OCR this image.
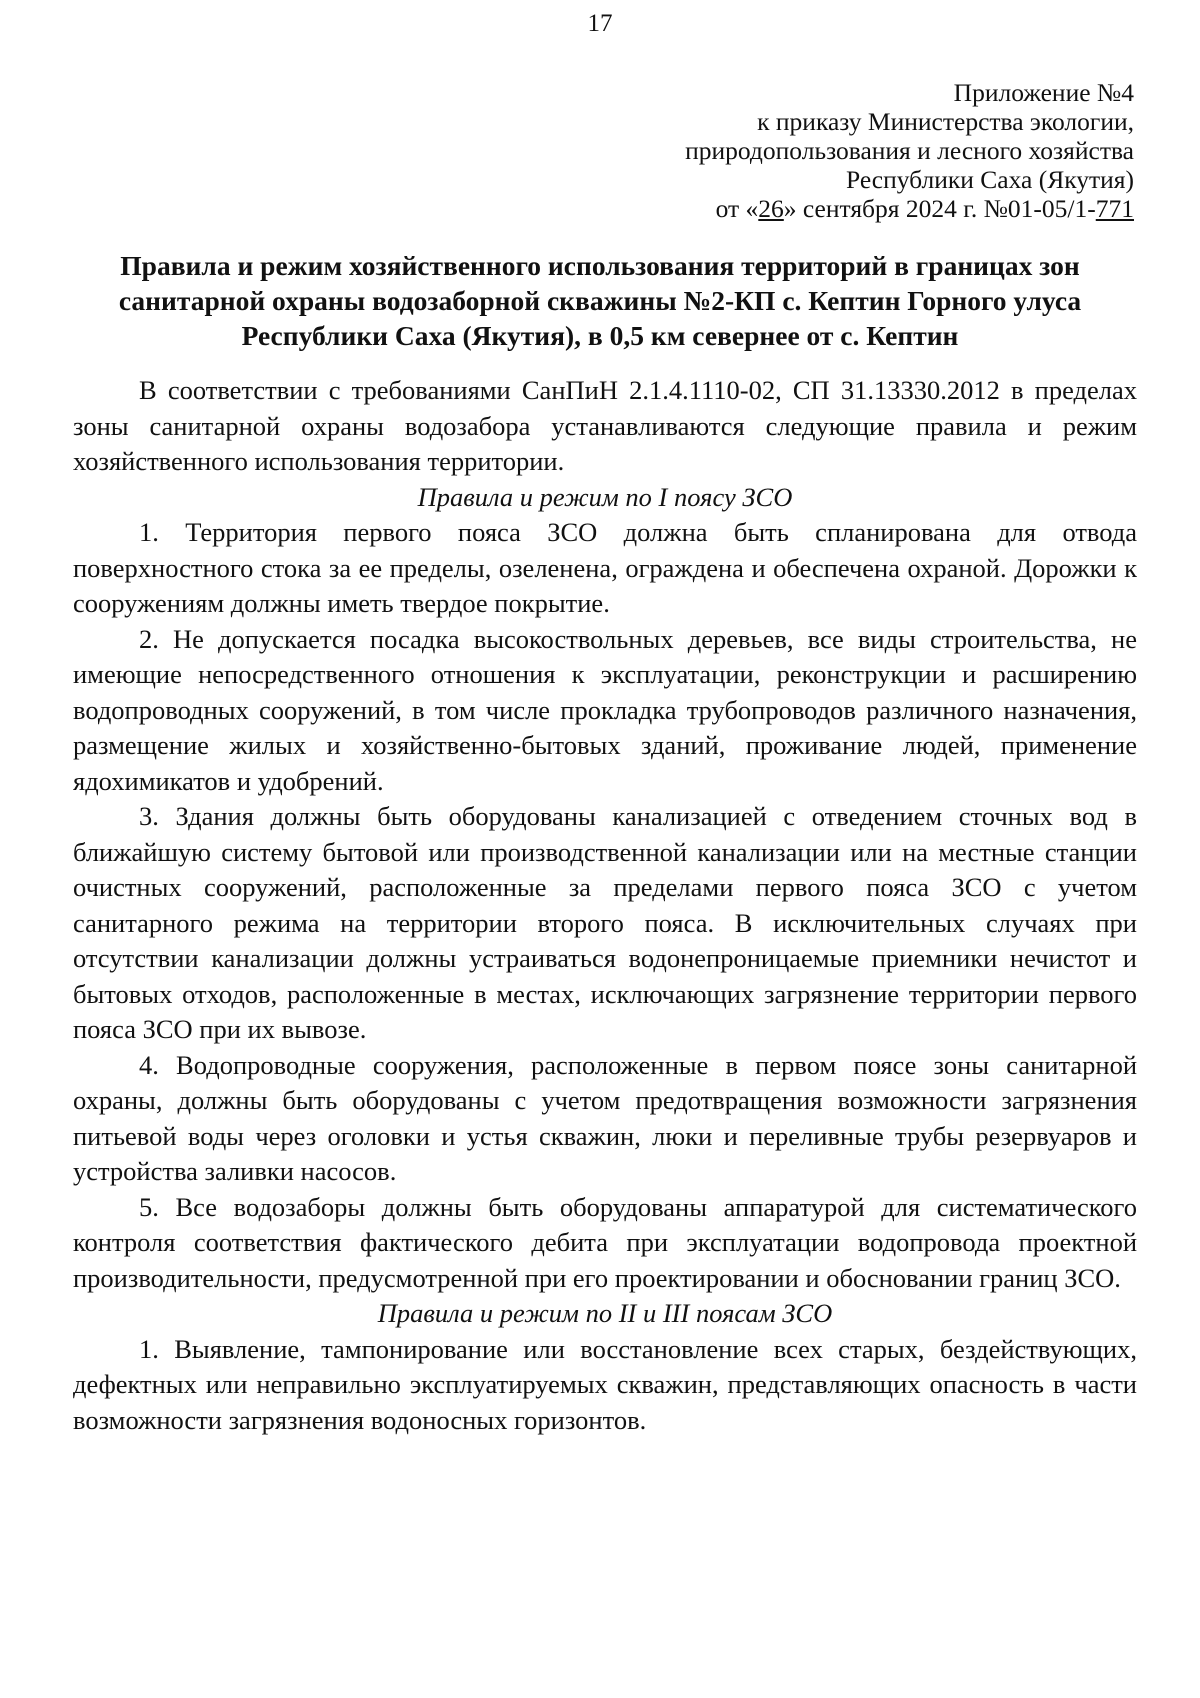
17
Приложение №4
к приказу Министерства экологии,
природопользования и лесного хозяйства
Республики Саха (Якутия)
от «26» сентября 2024 г. №01-05/1-771
Правила и режим хозяйственного использования территорий в границах зон
санитарной охраны водозаборной скважины №2-КП с. Кептин Горного улуса
Республики Саха (Якутия), в 0,5 км севернее от с. Кептин

В соответствии с требованиями СанПиН 2.1.4.1110-02, СП 31.13330.2012 в пределах зоны санитарной охраны водозабора устанавливаются следующие правила и режим хозяйственного использования территории.

Правила и режим по I поясу ЗСО

1. Территория первого пояса ЗСО должна быть спланирована для отвода поверхностного стока за ее пределы, озеленена, ограждена и обеспечена охраной. Дорожки к сооружениям должны иметь твердое покрытие.

2. Не допускается посадка высокоствольных деревьев, все виды строительства, не имеющие непосредственного отношения к эксплуатации, реконструкции и расширению водопроводных сооружений, в том числе прокладка трубопроводов различного назначения, размещение жилых и хозяйственно-бытовых зданий, проживание людей, применение ядохимикатов и удобрений.

3. Здания должны быть оборудованы канализацией с отведением сточных вод в ближайшую систему бытовой или производственной канализации или на местные станции очистных сооружений, расположенные за пределами первого пояса ЗСО с учетом санитарного режима на территории второго пояса. В исключительных случаях при отсутствии канализации должны устраиваться водонепроницаемые приемники нечистот и бытовых отходов, расположенные в местах, исключающих загрязнение территории первого пояса ЗСО при их вывозе.

4. Водопроводные сооружения, расположенные в первом поясе зоны санитарной охраны, должны быть оборудованы с учетом предотвращения возможности загрязнения питьевой воды через оголовки и устья скважин, люки и переливные трубы резервуаров и устройства заливки насосов.

5. Все водозаборы должны быть оборудованы аппаратурой для систематического контроля соответствия фактического дебита при эксплуатации водопровода проектной производительности, предусмотренной при его проектировании и обосновании границ ЗСО.

Правила и режим по II и III поясам ЗСО

1. Выявление, тампонирование или восстановление всех старых, бездействующих, дефектных или неправильно эксплуатируемых скважин, представляющих опасность в части возможности загрязнения водоносных горизонтов.
